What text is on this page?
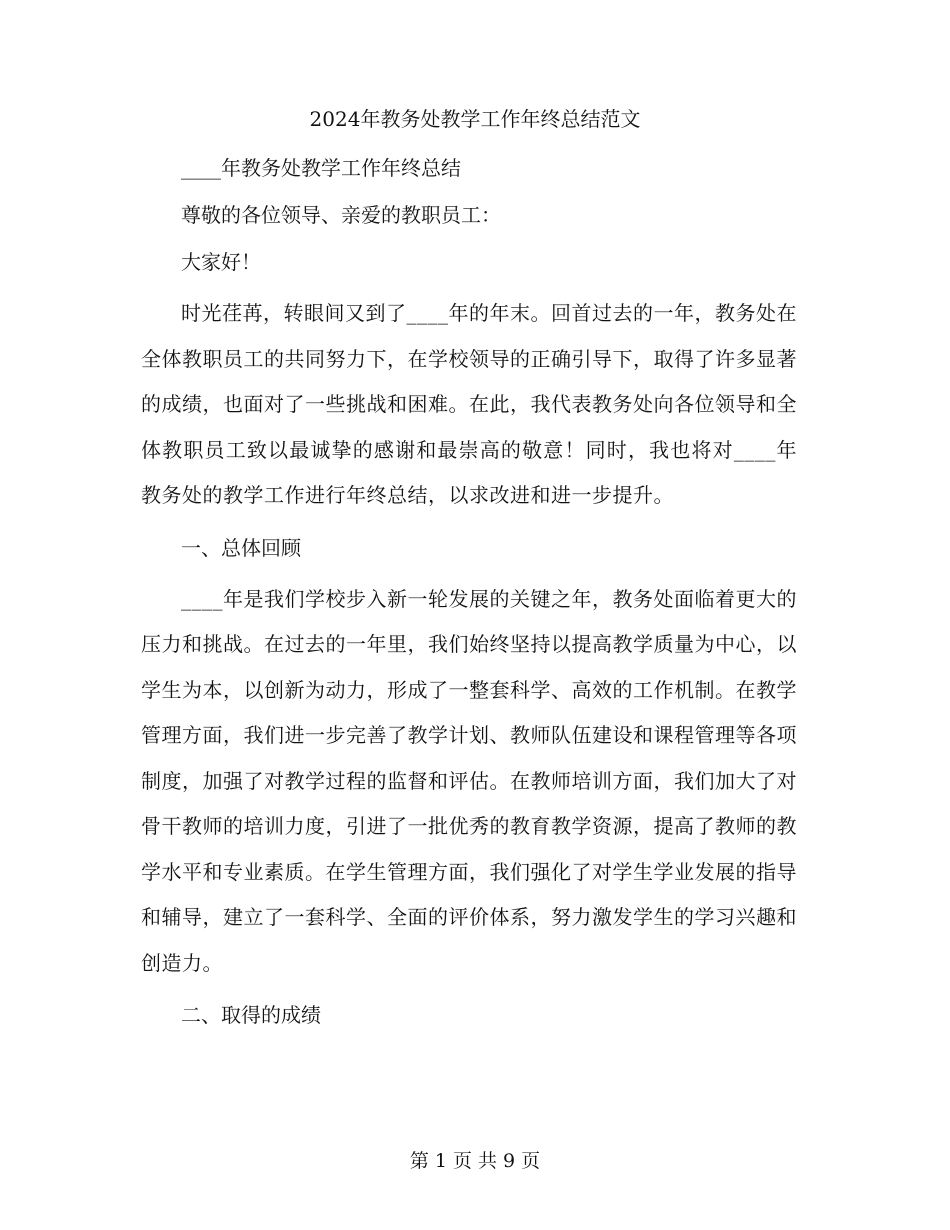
2024年教务处教学工作年终总结范文

____年教务处教学工作年终总结

尊敬的各位领导、亲爱的教职员工：

大家好！

时光荏苒，转眼间又到了____年的年末。回首过去的一年，教务处在全体教职员工的共同努力下，在学校领导的正确引导下，取得了许多显著的成绩，也面对了一些挑战和困难。在此，我代表教务处向各位领导和全体教职员工致以最诚挚的感谢和最崇高的敬意！同时，我也将对____年教务处的教学工作进行年终总结，以求改进和进一步提升。

一、总体回顾

____年是我们学校步入新一轮发展的关键之年，教务处面临着更大的压力和挑战。在过去的一年里，我们始终坚持以提高教学质量为中心，以学生为本，以创新为动力，形成了一整套科学、高效的工作机制。在教学管理方面，我们进一步完善了教学计划、教师队伍建设和课程管理等各项制度，加强了对教学过程的监督和评估。在教师培训方面，我们加大了对骨干教师的培训力度，引进了一批优秀的教育教学资源，提高了教师的教学水平和专业素质。在学生管理方面，我们强化了对学生学业发展的指导和辅导，建立了一套科学、全面的评价体系，努力激发学生的学习兴趣和创造力。

二、取得的成绩

第 1 页 共 9 页
